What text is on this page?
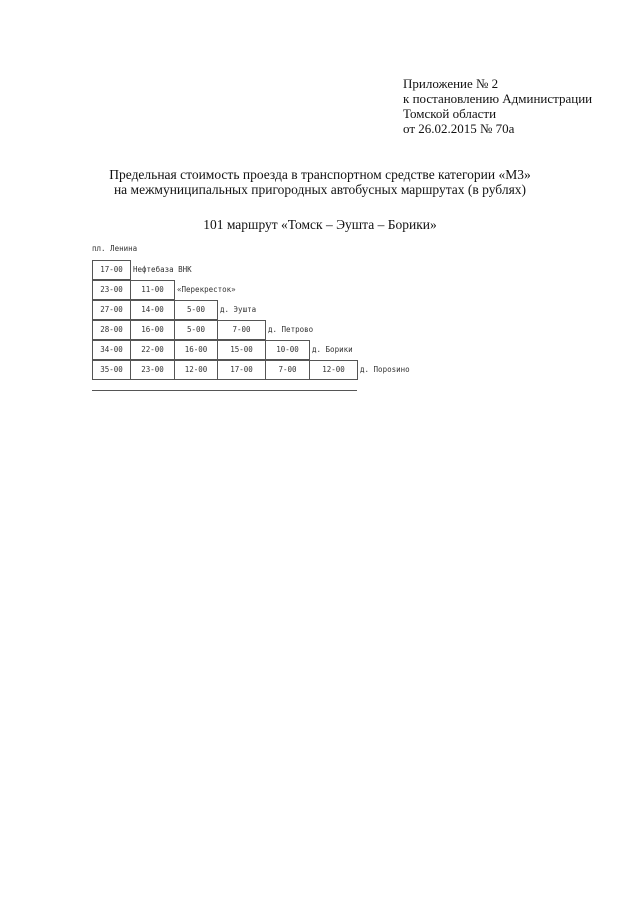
Приложение № 2
к постановлению Администрации
Томской области
от 26.02.2015 № 70а
Предельная стоимость проезда в транспортном средстве категории «М3»
на межмуниципальных пригородных автобусных маршрутах (в рублях)
101 маршрут «Томск – Эушта – Борики»
пл. Ленина
17-00	Нефтебаза ВНК
23-00	11-00	«Перекресток»
27-00	14-00	5-00	д. Эушта
28-00	16-00	5-00	7-00	д. Петрово
34-00	22-00	16-00	15-00	10-00	д. Борики
35-00	23-00	12-00	17-00	7-00	12-00	д. Порosино
